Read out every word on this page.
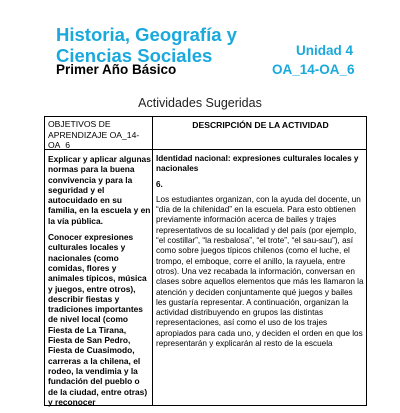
Historia, Geografía y Ciencias Sociales	Unidad 4
Primer Año Básico	OA_14-OA_6
Actividades Sugeridas
OBJETIVOS DE APRENDIZAJE OA_14-OA_6
DESCRIPCIÓN DE LA ACTIVIDAD

Explicar y aplicar algunas normas para la buena convivencia y para la seguridad y el autocuidado en su familia, en la escuela y en la vía pública.

Conocer expresiones culturales locales y nacionales (como comidas, flores y animales típicos, música y juegos, entre otros), describir fiestas y tradiciones importantes de nivel local (como Fiesta de La Tirana, Fiesta de San Pedro, Fiesta de Cuasimodo, carreras a la chilena, el rodeo, la vendimia y la fundación del pueblo o de la ciudad, entre otras) y reconocer

Identidad nacional: expresiones culturales locales y nacionales

6.

Los estudiantes organizan, con la ayuda del docente, un “día de la chilenidad” en la escuela. Para esto obtienen previamente información acerca de bailes y trajes representativos de su localidad y del país (por ejemplo, “el costillar”, “la resbalosa”, “el trote”, “el sau-sau”), así como sobre juegos típicos chilenos (como el luche, el trompo, el emboque, corre el anillo, la rayuela, entre otros). Una vez recabada la información, conversan en clases sobre aquellos elementos que más les llamaron la atención y deciden conjuntamente qué juegos y bailes les gustaría representar. A continuación, organizan la actividad distribuyendo en grupos las distintas representaciones, así como el uso de los trajes apropiados para cada uno, y deciden el orden en que los representarán y explicarán al resto de la escuela
